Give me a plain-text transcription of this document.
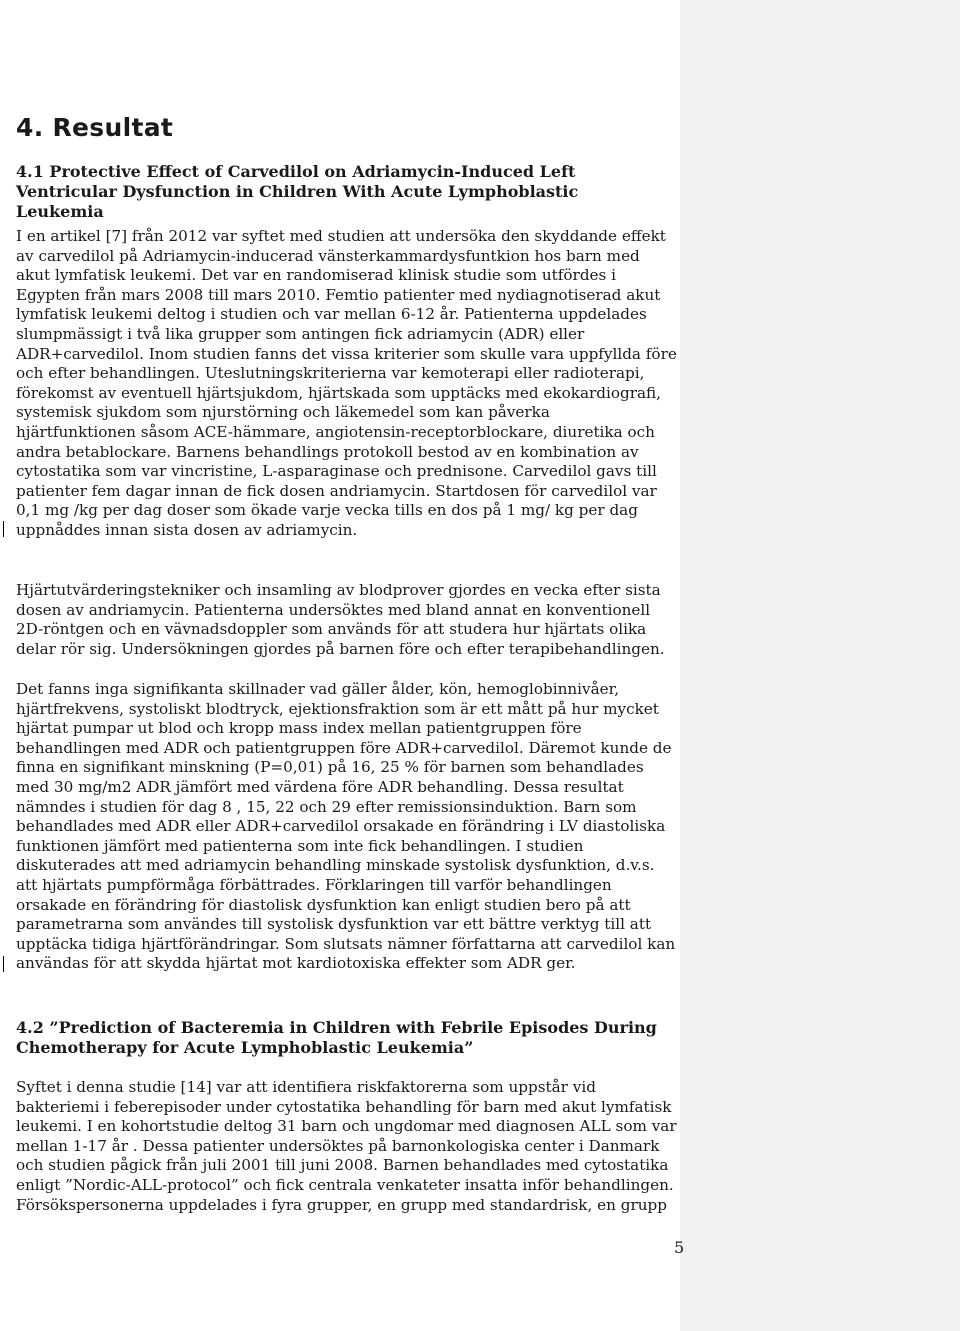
4. Resultat
4.1 Protective Effect of Carvedilol on Adriamycin-Induced Left
Ventricular Dysfunction in Children With Acute Lymphoblastic
Leukemia
I en artikel [7] från 2012 var syftet med studien att undersöka den skyddande effekt
av carvedilol på Adriamycin-inducerad vänsterkammardysfuntkion hos barn med
akut lymfatisk leukemi. Det var en randomiserad klinisk studie som utfördes i
Egypten från mars 2008 till mars 2010. Femtio patienter med nydiagnotiserad akut
lymfatisk leukemi deltog i studien och var mellan 6-12 år. Patienterna uppdelades
slumpmässigt i två lika grupper som antingen fick adriamycin (ADR) eller
ADR+carvedilol. Inom studien fanns det vissa kriterier som skulle vara uppfyllda före
och efter behandlingen. Uteslutningskriterierna var kemoterapi eller radioterapi,
förekomst av eventuell hjärtsjukdom, hjärtskada som upptäcks med ekokardiografi,
systemisk sjukdom som njurstörning och läkemedel som kan påverka
hjärtfunktionen såsom ACE-hämmare, angiotensin-receptorblockare, diuretika och
andra betablockare. Barnens behandlings protokoll bestod av en kombination av
cytostatika som var vincristine, L-asparaginase och prednisone. Carvedilol gavs till
patienter fem dagar innan de fick dosen andriamycin. Startdosen för carvedilol var
0,1 mg /kg per dag doser som ökade varje vecka tills en dos på 1 mg/ kg per dag
uppnåddes innan sista dosen av adriamycin.
Hjärtutvärderingstekniker och insamling av blodprover gjordes en vecka efter sista
dosen av andriamycin. Patienterna undersöktes med bland annat en konventionell
2D-röntgen och en vävnadsdoppler som används för att studera hur hjärtats olika
delar rör sig. Undersökningen gjordes på barnen före och efter terapibehandlingen.
Det fanns inga signifikanta skillnader vad gäller ålder, kön, hemoglobinnivåer,
hjärtfrekvens, systoliskt blodtryck, ejektionsfraktion som är ett mått på hur mycket
hjärtat pumpar ut blod och kropp mass index mellan patientgruppen före
behandlingen med ADR och patientgruppen före ADR+carvedilol. Däremot kunde de
finna en signifikant minskning (P=0,01) på 16, 25 % för barnen som behandlades
med 30 mg/m2 ADR jämfört med värdena före ADR behandling. Dessa resultat
nämndes i studien för dag 8 , 15, 22 och 29 efter remissionsinduktion. Barn som
behandlades med ADR eller ADR+carvedilol orsakade en förändring i LV diastoliska
funktionen jämfört med patienterna som inte fick behandlingen. I studien
diskuterades att med adriamycin behandling minskade systolisk dysfunktion, d.v.s.
att hjärtats pumpförmåga förbättrades. Förklaringen till varför behandlingen
orsakade en förändring för diastolisk dysfunktion kan enligt studien bero på att
parametrarna som användes till systolisk dysfunktion var ett bättre verktyg till att
upptäcka tidiga hjärtförändringar. Som slutsats nämner författarna att carvedilol kan
användas för att skydda hjärtat mot kardiotoxiska effekter som ADR ger.
4.2 ”Prediction of Bacteremia in Children with Febrile Episodes During
Chemotherapy for Acute Lymphoblastic Leukemia”
Syftet i denna studie [14] var att identifiera riskfaktorerna som uppstår vid
bakteriemi i feberepisoder under cytostatika behandling för barn med akut lymfatisk
leukemi. I en kohortstudie deltog 31 barn och ungdomar med diagnosen ALL som var
mellan 1-17 år . Dessa patienter undersöktes på barnonkologiska center i Danmark
och studien pågick från juli 2001 till juni 2008. Barnen behandlades med cytostatika
enligt ”Nordic-ALL-protocol” och fick centrala venkateter insatta inför behandlingen.
Försökspersonerna uppdelades i fyra grupper, en grupp med standardrisk, en grupp
5
